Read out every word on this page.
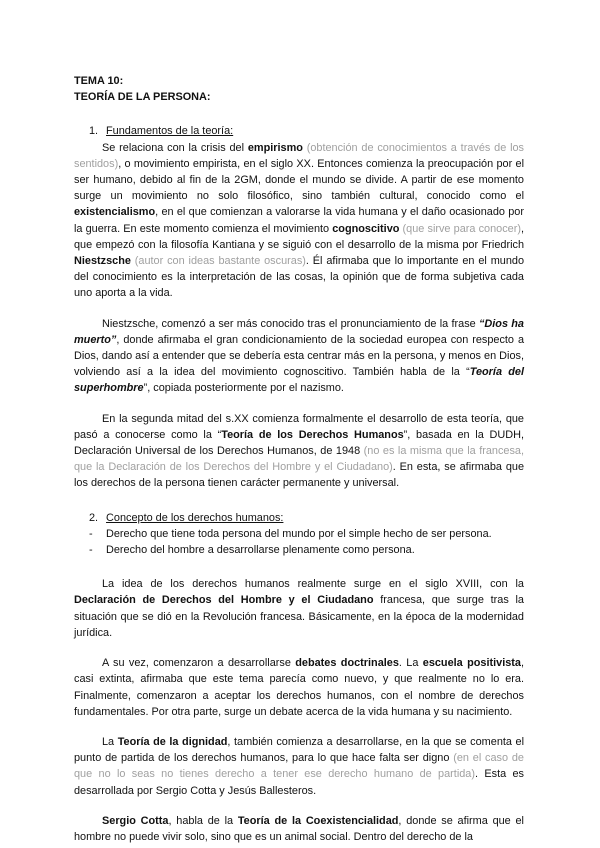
TEMA 10:
TEORÍA DE LA PERSONA:
1. Fundamentos de la teoría:

Se relaciona con la crisis del empirismo (obtención de conocimientos a través de los sentidos), o movimiento empirista, en el siglo XX. Entonces comienza la preocupación por el ser humano, debido al fin de la 2GM, donde el mundo se divide. A partir de ese momento surge un movimiento no solo filosófico, sino también cultural, conocido como el existencialismo, en el que comienzan a valorarse la vida humana y el daño ocasionado por la guerra. En este momento comienza el movimiento cognoscitivo (que sirve para conocer), que empezó con la filosofía Kantiana y se siguió con el desarrollo de la misma por Friedrich Niestzsche (autor con ideas bastante oscuras). Él afirmaba que lo importante en el mundo del conocimiento es la interpretación de las cosas, la opinión que de forma subjetiva cada uno aporta a la vida.

Niestzsche, comenzó a ser más conocido tras el pronunciamiento de la frase “Dios ha muerto”, donde afirmaba el gran condicionamiento de la sociedad europea con respecto a Dios, dando así a entender que se debería esta centrar más en la persona, y menos en Dios, volviendo así a la idea del movimiento cognoscitivo. También habla de la “Teoría del superhombre”, copiada posteriormente por el nazismo.

En la segunda mitad del s.XX comienza formalmente el desarrollo de esta teoría, que pasó a conocerse como la “Teoría de los Derechos Humanos”, basada en la DUDH, Declaración Universal de los Derechos Humanos, de 1948 (no es la misma que la francesa, que la Declaración de los Derechos del Hombre y el Ciudadano). En esta, se afirmaba que los derechos de la persona tienen carácter permanente y universal.

2. Concepto de los derechos humanos:
- Derecho que tiene toda persona del mundo por el simple hecho de ser persona.
- Derecho del hombre a desarrollarse plenamente como persona.

La idea de los derechos humanos realmente surge en el siglo XVIII, con la Declaración de Derechos del Hombre y el Ciudadano francesa, que surge tras la situación que se dió en la Revolución francesa. Básicamente, en la época de la modernidad jurídica.

A su vez, comenzaron a desarrollarse debates doctrinales. La escuela positivista, casi extinta, afirmaba que este tema parecía como nuevo, y que realmente no lo era. Finalmente, comenzaron a aceptar los derechos humanos, con el nombre de derechos fundamentales. Por otra parte, surge un debate acerca de la vida humana y su nacimiento.

La Teoría de la dignidad, también comienza a desarrollarse, en la que se comenta el punto de partida de los derechos humanos, para lo que hace falta ser digno (en el caso de que no lo seas no tienes derecho a tener ese derecho humano de partida). Esta es desarrollada por Sergio Cotta y Jesús Ballesteros.

Sergio Cotta, habla de la Teoría de la Coexistencialidad, donde se afirma que el hombre no puede vivir solo, sino que es un animal social. Dentro del derecho de la
